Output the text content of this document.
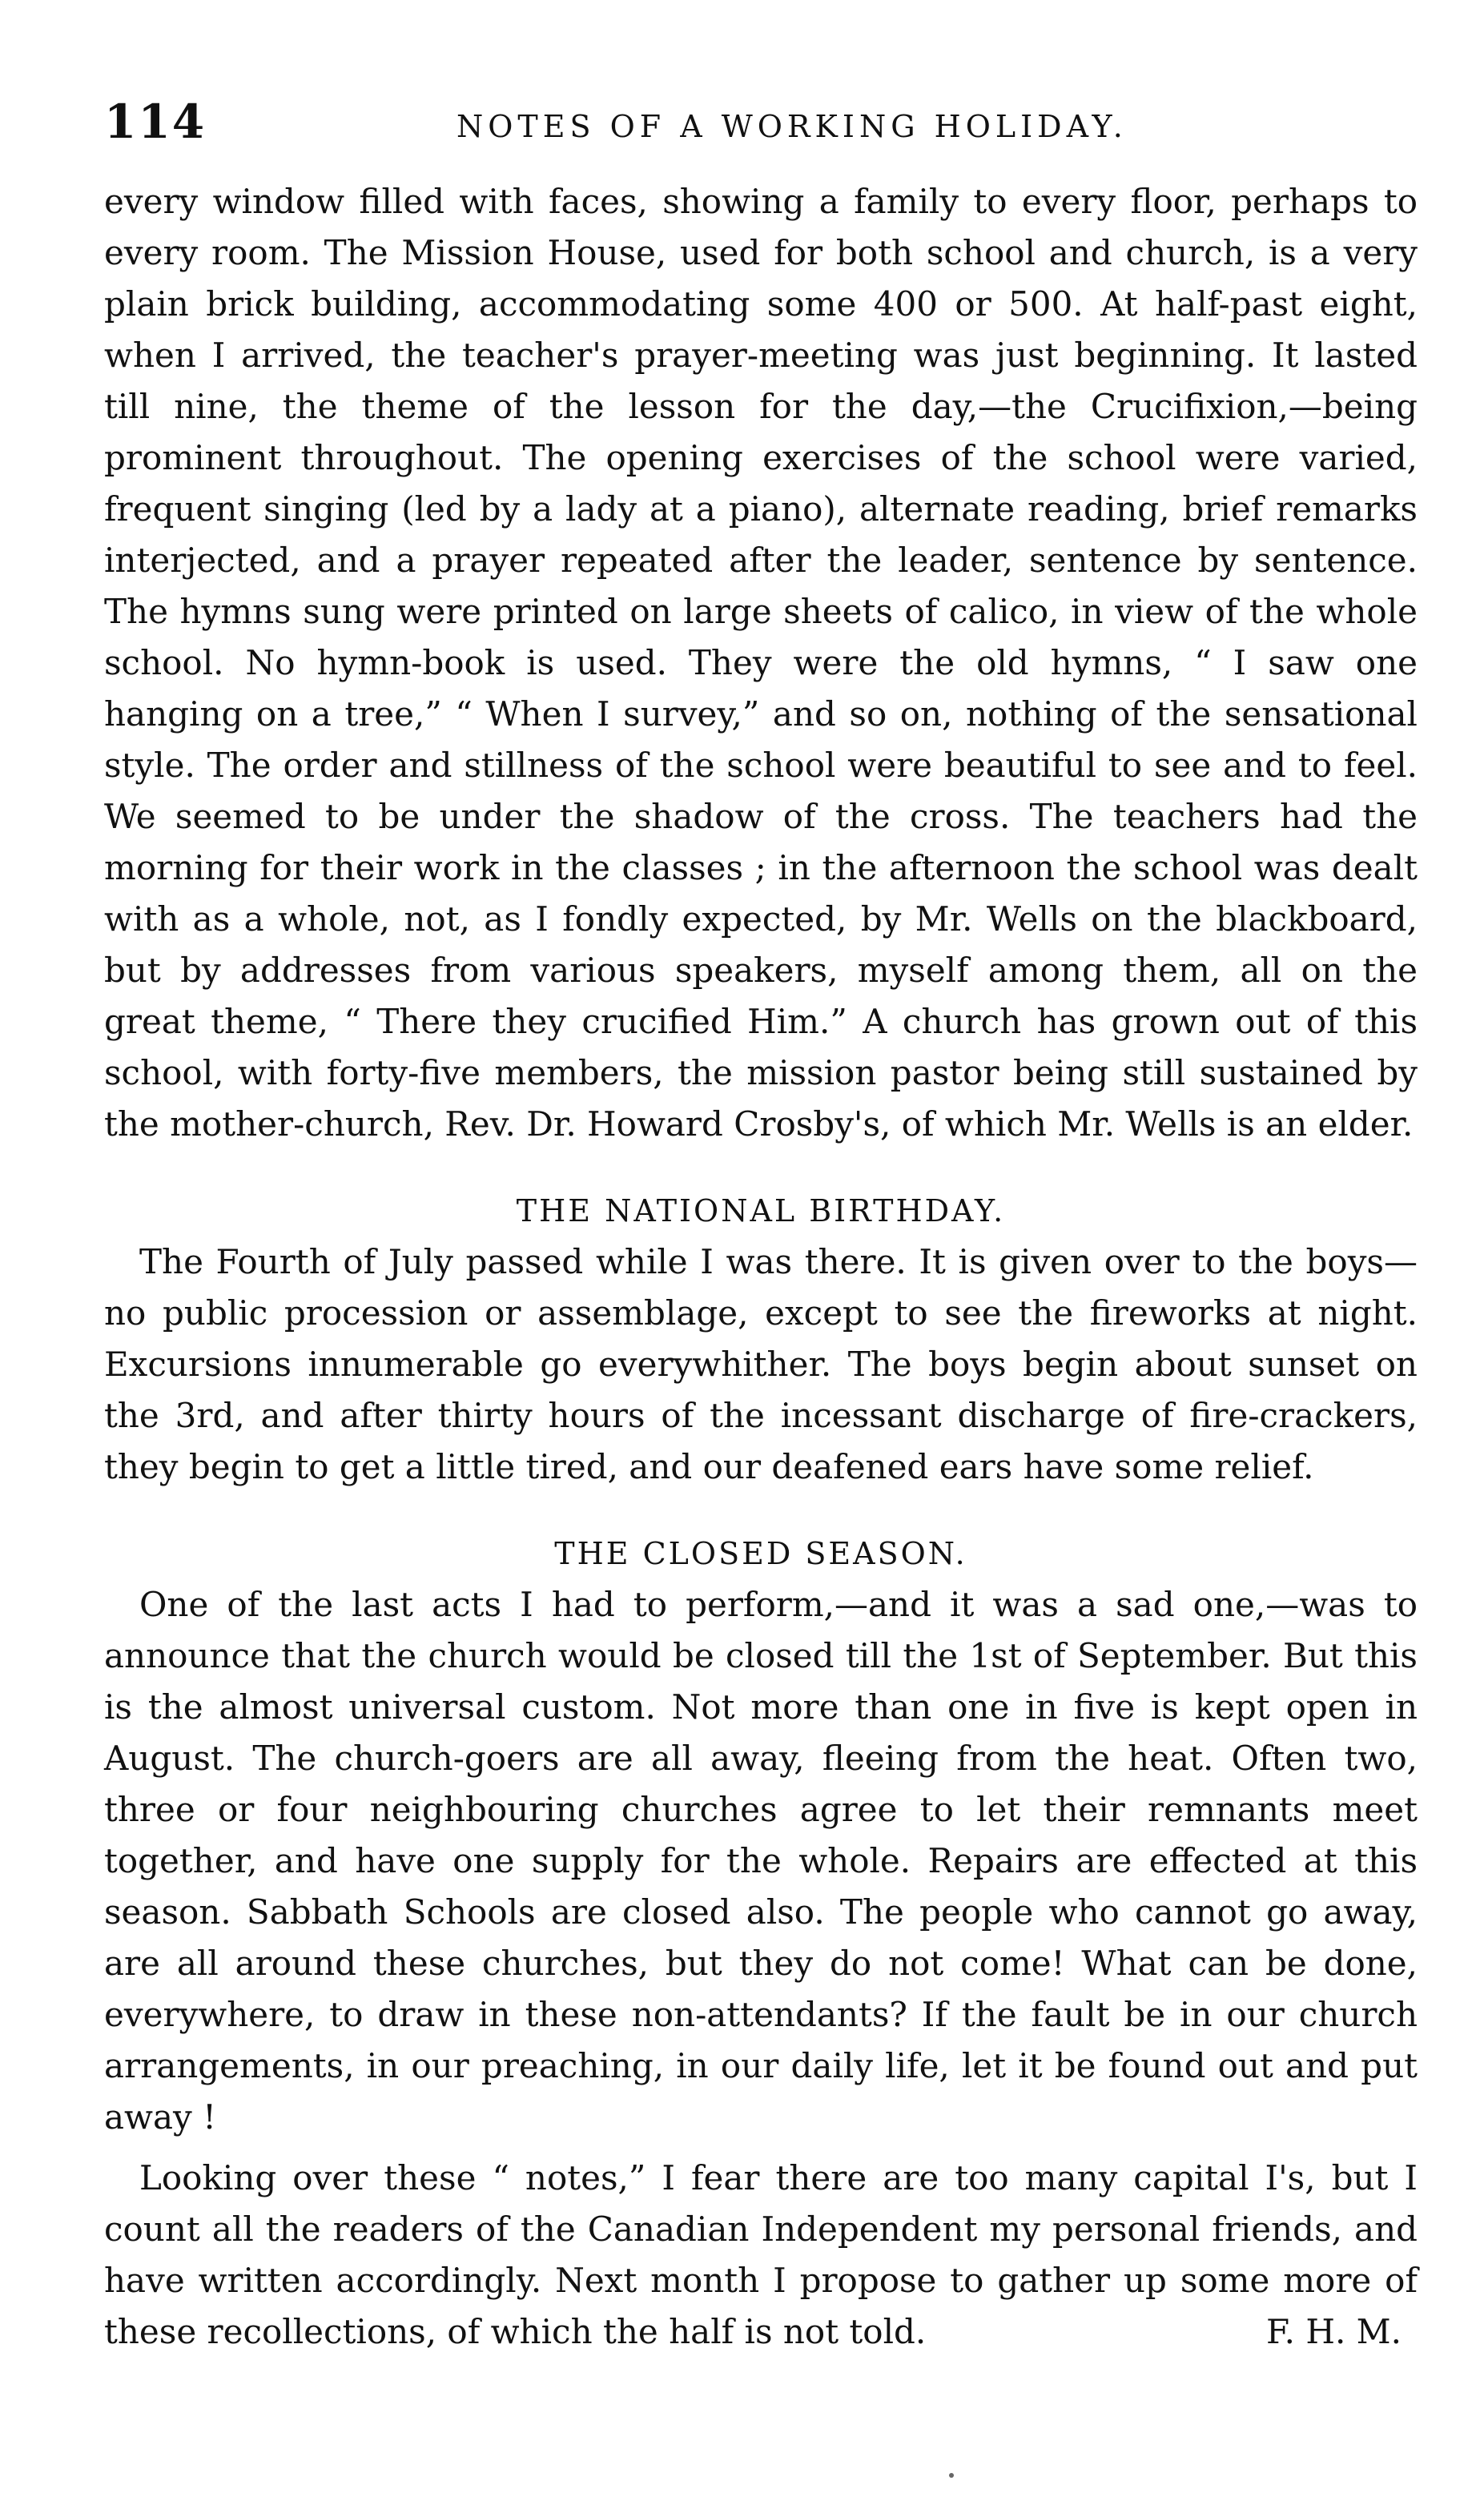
114	NOTES OF A WORKING HOLIDAY.

every window filled with faces, showing a family to every floor, perhaps to every room. The Mission House, used for both school and church, is a very plain brick building, accommodating some 400 or 500. At half-past eight, when I arrived, the teacher's prayer-meeting was just beginning. It lasted till nine, the theme of the lesson for the day,—the Crucifixion,—being prominent throughout. The opening exercises of the school were varied, frequent singing (led by a lady at a piano), alternate reading, brief remarks interjected, and a prayer repeated after the leader, sentence by sentence. The hymns sung were printed on large sheets of calico, in view of the whole school. No hymn-book is used. They were the old hymns, “ I saw one hanging on a tree,” “ When I survey,” and so on, nothing of the sensational style. The order and stillness of the school were beautiful to see and to feel. We seemed to be under the shadow of the cross. The teachers had the morning for their work in the classes ; in the afternoon the school was dealt with as a whole, not, as I fondly expected, by Mr. Wells on the blackboard, but by addresses from various speakers, myself among them, all on the great theme, “ There they crucified Him.” A church has grown out of this school, with forty-five members, the mission pastor being still sustained by the mother-church, Rev. Dr. Howard Crosby's, of which Mr. Wells is an elder.

THE NATIONAL BIRTHDAY.

The Fourth of July passed while I was there. It is given over to the boys—no public procession or assemblage, except to see the fireworks at night. Excursions innumerable go everywhither. The boys begin about sunset on the 3rd, and after thirty hours of the incessant discharge of fire-crackers, they begin to get a little tired, and our deafened ears have some relief.

THE CLOSED SEASON.

One of the last acts I had to perform,—and it was a sad one,—was to announce that the church would be closed till the 1st of September. But this is the almost universal custom. Not more than one in five is kept open in August. The church-goers are all away, fleeing from the heat. Often two, three or four neighbouring churches agree to let their remnants meet together, and have one supply for the whole. Repairs are effected at this season. Sabbath Schools are closed also. The people who cannot go away, are all around these churches, but they do not come! What can be done, everywhere, to draw in these non-attendants? If the fault be in our church arrangements, in our preaching, in our daily life, let it be found out and put away !

Looking over these “ notes,” I fear there are too many capital I's, but I count all the readers of the Canadian Independent my personal friends, and have written accordingly. Next month I propose to gather up some more of these recollections, of which the half is not told.	F. H. M.
